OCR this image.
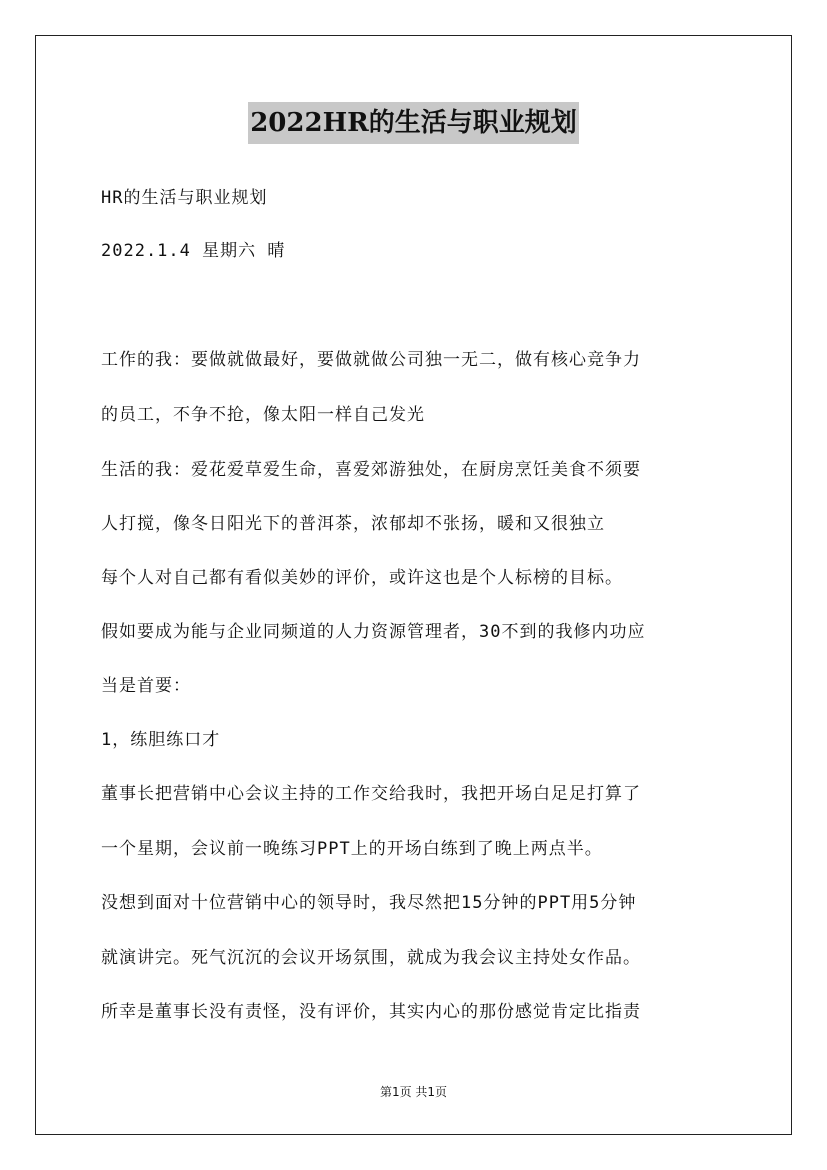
2022HR的生活与职业规划
HR的生活与职业规划
2022.1.4 星期六 晴
工作的我：要做就做最好，要做就做公司独一无二，做有核心竞争力
的员工，不争不抢，像太阳一样自己发光
生活的我：爱花爱草爱生命，喜爱郊游独处，在厨房烹饪美食不须要
人打搅，像冬日阳光下的普洱茶，浓郁却不张扬，暖和又很独立
每个人对自己都有看似美妙的评价，或许这也是个人标榜的目标。
假如要成为能与企业同频道的人力资源管理者，30不到的我修内功应
当是首要：
1，练胆练口才
董事长把营销中心会议主持的工作交给我时，我把开场白足足打算了
一个星期，会议前一晚练习PPT上的开场白练到了晚上两点半。
没想到面对十位营销中心的领导时，我尽然把15分钟的PPT用5分钟
就演讲完。死气沉沉的会议开场氛围，就成为我会议主持处女作品。
所幸是董事长没有责怪，没有评价，其实内心的那份感觉肯定比指责
第1页 共1页
